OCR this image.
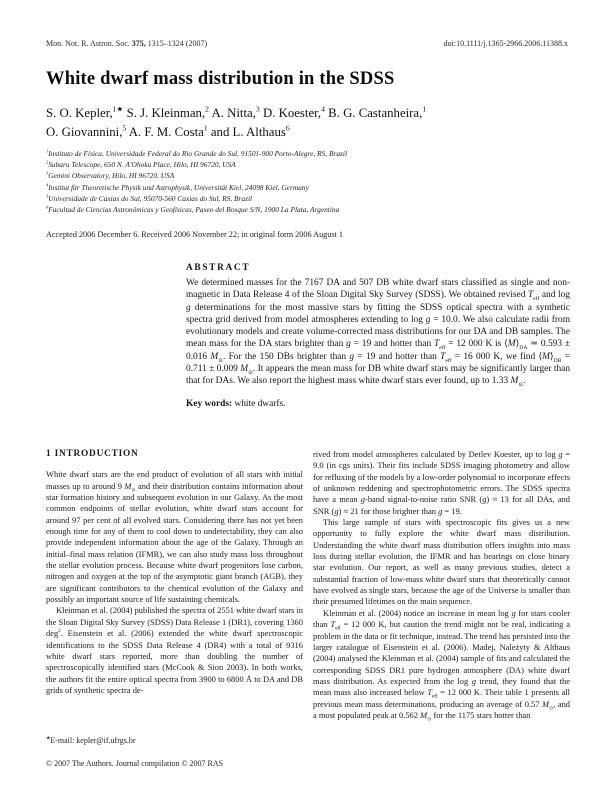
Mon. Not. R. Astron. Soc. 375, 1315–1324 (2007)	doi:10.1111/j.1365-2966.2006.11388.x
White dwarf mass distribution in the SDSS
S. O. Kepler,$^{1★}$ S. J. Kleinman,$^2$ A. Nitta,$^3$ D. Koester,$^4$ B. G. Castanheira,$^1$
O. Giovannini,$^5$ A. F. M. Costa$^1$ and L. Althaus$^6$
$^1$Instituto de Física, Universidade Federal do Rio Grande do Sul, 91501-900 Porto-Alegre, RS, Brazil
$^2$Subaru Telescope, 650 N. A'Ohoku Place, Hilo, HI 96720, USA
$^3$Gemini Observatory, Hilo, HI 96720, USA
$^4$Institut für Theoretische Physik und Astrophysik, Universität Kiel, 24098 Kiel, Germany
$^5$Universidade de Caxias do Sul, 95070-560 Caxias do Sul, RS, Brazil
$^6$Facultad de Ciencias Astronómicas y Geofísicas, Paseo del Bosque S/N, 1900 La Plata, Argentina
Accepted 2006 December 6. Received 2006 November 22; in original form 2006 August 1
ABSTRACT
We determined masses for the 7167 DA and 507 DB white dwarf stars classified as single and non-magnetic in Data Release 4 of the Sloan Digital Sky Survey (SDSS). We obtained revised $T_{eff}$ and log g determinations for the most massive stars by fitting the SDSS optical spectra with a synthetic spectra grid derived from model atmospheres extending to log g = 10.0. We also calculate radii from evolutionary models and create volume-corrected mass distributions for our DA and DB samples. The mean mass for the DA stars brighter than g = 19 and hotter than $T_{eff} = 12$ 000 K is $⟨M⟩_{DA}$ ≃ 0.593 ± 0.016 $M_⊙$. For the 150 DBs brighter than g = 19 and hotter than $T_{eff} = 16$ 000 K, we find $⟨M⟩_{DB} = 0.711 \pm 0.009$ $M_⊙$. It appears the mean mass for DB white dwarf stars may be significantly larger than that for DAs. We also report the highest mass white dwarf stars ever found, up to 1.33 $M_⊙$.
Key words: white dwarfs.
1 INTRODUCTION

White dwarf stars are the end product of evolution of all stars with initial masses up to around 9 $M_⊙$ and their distribution contains information about star formation history and subsequent evolution in our Galaxy. As the most common endpoints of stellar evolution, white dwarf stars account for around 97 per cent of all evolved stars. Considering there has not yet been enough time for any of them to cool down to undetectability, they can also provide independent information about the age of the Galaxy. Through an initial–final mass relation (IFMR), we can also study mass loss throughout the stellar evolution process. Because white dwarf progenitors lose carbon, nitrogen and oxygen at the top of the asymptotic giant branch (AGB), they are significant contributors to the chemical evolution of the Galaxy and possibly an important source of life sustaining chemicals.

Kleinman et al. (2004) published the spectra of 2551 white dwarf stars in the Sloan Digital Sky Survey (SDSS) Data Release 1 (DR1), covering 1360 deg$^2$. Eisenstein et al. (2006) extended the white dwarf spectroscopic identifications to the SDSS Data Release 4 (DR4) with a total of 9316 white dwarf stars reported, more than doubling the number of spectroscopically identified stars (McCook & Sion 2003). In both works, the authors fit the entire optical spectra from 3900 to 6800 Å to DA and DB grids of synthetic spectra de-

rived from model atmospheres calculated by Detlev Koester, up to log g = 9.0 (in cgs units). Their fits include SDSS imaging photometry and allow for refluxing of the models by a low-order polynomial to incorporate effects of unknown reddening and spectrophotometric errors. The SDSS spectra have a mean g-band signal-to-noise ratio SNR (g) ≈ 13 for all DAs, and SNR (g) ≈ 21 for those brighter than g = 19.

This large sample of stars with spectroscopic fits gives us a new opportunity to fully explore the white dwarf mass distribution. Understanding the white dwarf mass distribution offers insights into mass loss during stellar evolution, the IFMR and has bearings on close binary star evolution. Our report, as well as many previous studies, detect a substantial fraction of low-mass white dwarf stars that theoretically cannot have evolved as single stars, because the age of the Universe is smaller than their presumed lifetimes on the main sequence.

Kleinman et al. (2004) notice an increase in mean log g for stars cooler than $T_{eff} = 12$ 000 K, but caution the trend might not be real, indicating a problem in the data or fit technique, instead. The trend has persisted into the larger catalogue of Eisenstein et al. (2006). Madej, Należyty & Althaus (2004) analysed the Kleinman et al. (2004) sample of fits and calculated the corresponding SDSS DR1 pure hydrogen atmosphere (DA) white dwarf mass distribution. As expected from the log g trend, they found that the mean mass also increased below $T_{eff} = 12$ 000 K. Their table 1 presents all previous mean mass determinations, producing an average of 0.57 $M_⊙$, and a most populated peak at 0.562 $M_⊙$ for the 1175 stars hotter than

★E-mail: kepler@if.ufrgs.br
© 2007 The Authors. Journal compilation © 2007 RAS
